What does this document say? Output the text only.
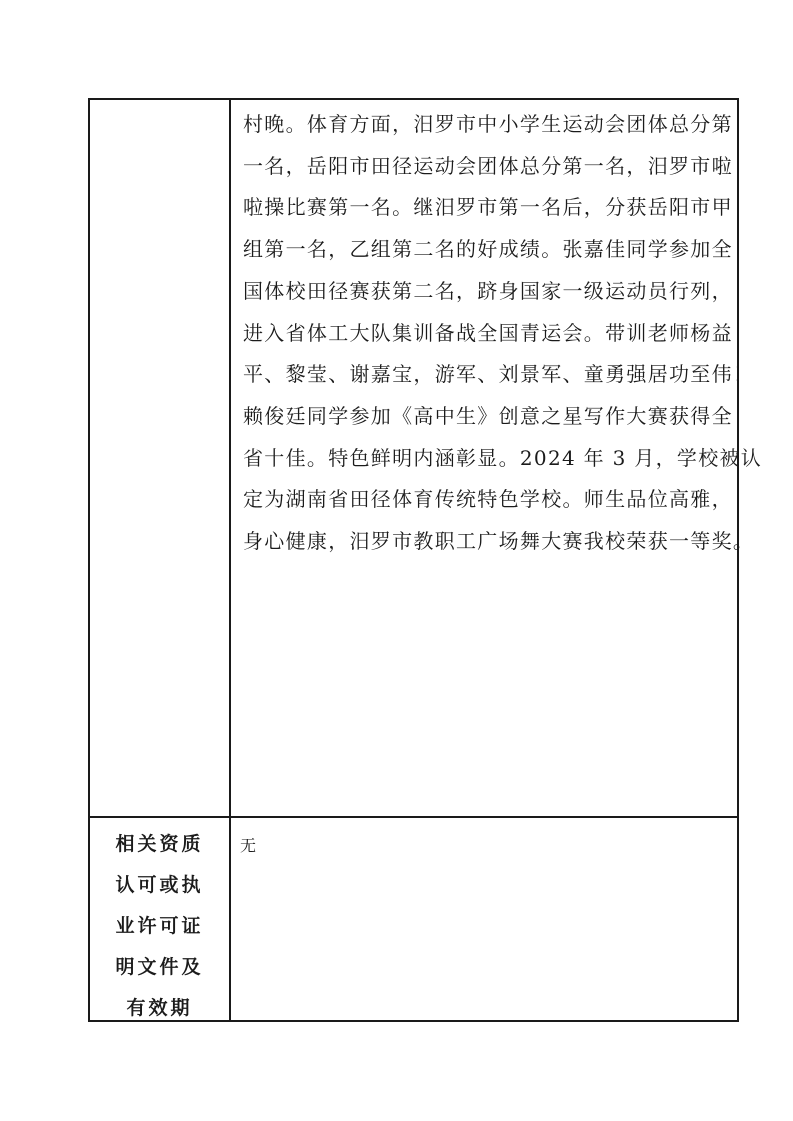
村晚。体育方面，汨罗市中小学生运动会团体总分第
一名，岳阳市田径运动会团体总分第一名，汨罗市啦
啦操比赛第一名。继汨罗市第一名后，分获岳阳市甲
组第一名，乙组第二名的好成绩。张嘉佳同学参加全
国体校田径赛获第二名，跻身国家一级运动员行列，
进入省体工大队集训备战全国青运会。带训老师杨益
平、黎莹、谢嘉宝，游军、刘景军、童勇强居功至伟！
赖俊廷同学参加《高中生》创意之星写作大赛获得全
省十佳。特色鲜明内涵彰显。2024 年 3 月，学校被认
定为湖南省田径体育传统特色学校。师生品位高雅，
身心健康，汨罗市教职工广场舞大赛我校荣获一等奖。

相关资质
认可或执
业许可证
明文件及
有效期
无
